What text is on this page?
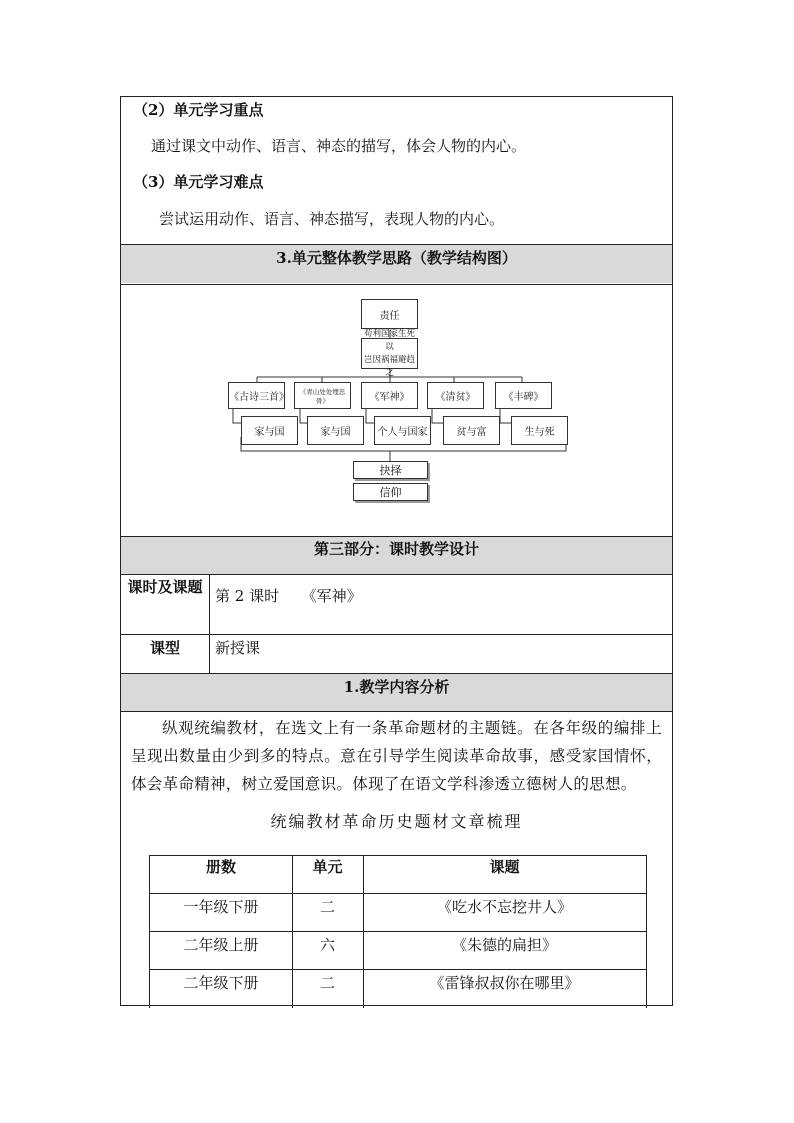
（2）单元学习重点
通过课文中动作、语言、神态的描写，体会人物的内心。
（3）单元学习难点
尝试运用动作、语言、神态描写，表现人物的内心。
3.单元整体教学思路（教学结构图）
责任
苟利国家生死以
岂因祸福避趋之
《古诗三首》
《青山处处埋忠骨》	《军神》	《清贫》	《丰碑》
家与国	家与国	个人与国家	贫与富	生与死
抉择
信仰
第三部分：课时教学设计
课时及课题 第 2 课时　　《军神》
课型	新授课
1.教学内容分析
纵观统编教材，在选文上有一条革命题材的主题链。在各年级的编排上呈现出数量由少到多的特点。意在引导学生阅读革命故事，感受家国情怀，体会革命精神，树立爱国意识。体现了在语文学科渗透立德树人的思想。
统编教材革命历史题材文章梳理
册数	单元	课题
一年级下册	二	《吃水不忘挖井人》
二年级上册	六	《朱德的扁担》
二年级下册	二	《雷锋叔叔你在哪里》
